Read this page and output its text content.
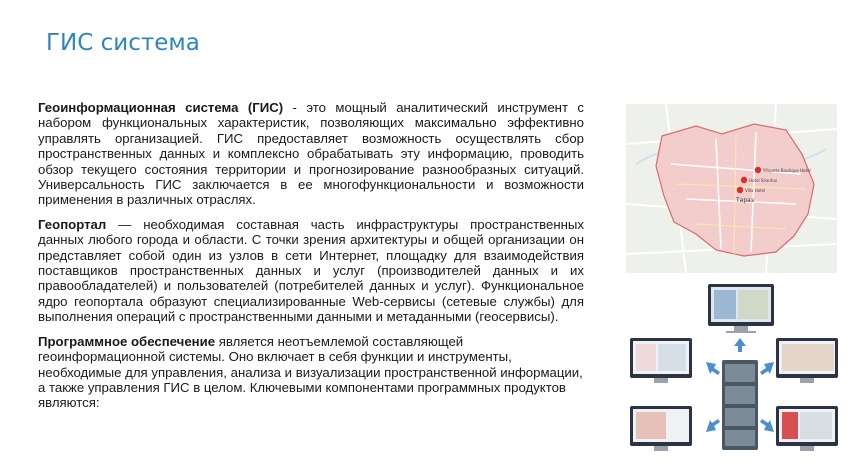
ГИС система

Геоинформационная система (ГИС) - это мощный аналитический инструмент с набором функциональных характеристик, позволяющих максимально эффективно управлять организацией. ГИС предоставляет возможность осуществлять сбор пространственных данных и комплексно обрабатывать эту информацию, проводить обзор текущего состояния территории и прогнозирование разнообразных ситуаций. Универсальность ГИС заключается в ее многофункциональности и возможности применения в различных отраслях.

Геопортал — необходимая составная часть инфраструктуры пространственных данных любого города и области. С точки зрения архитектуры и общей организации он представляет собой один из узлов в сети Интернет, площадку для взаимодействия поставщиков пространственных данных и услуг (производителей данных и их правообладателей) и пользователей (потребителей данных и услуг). Функциональное ядро геопортала образуют специализированные Web-сервисы (сетевые службы) для выполнения операций с пространственными данными и метаданными (геосервисы).

Программное обеспечение является неотъемлемой составляющей геоинформационной системы. Оно включает в себя функции и инструменты, необходимые для управления, анализа и визуализации пространственной информации, а также управления ГИС в целом. Ключевыми компонентами программных продуктов являются:

Тараз
Wiqueta Boutique Hotel
Hotel Shanhai
Villa Hotel
